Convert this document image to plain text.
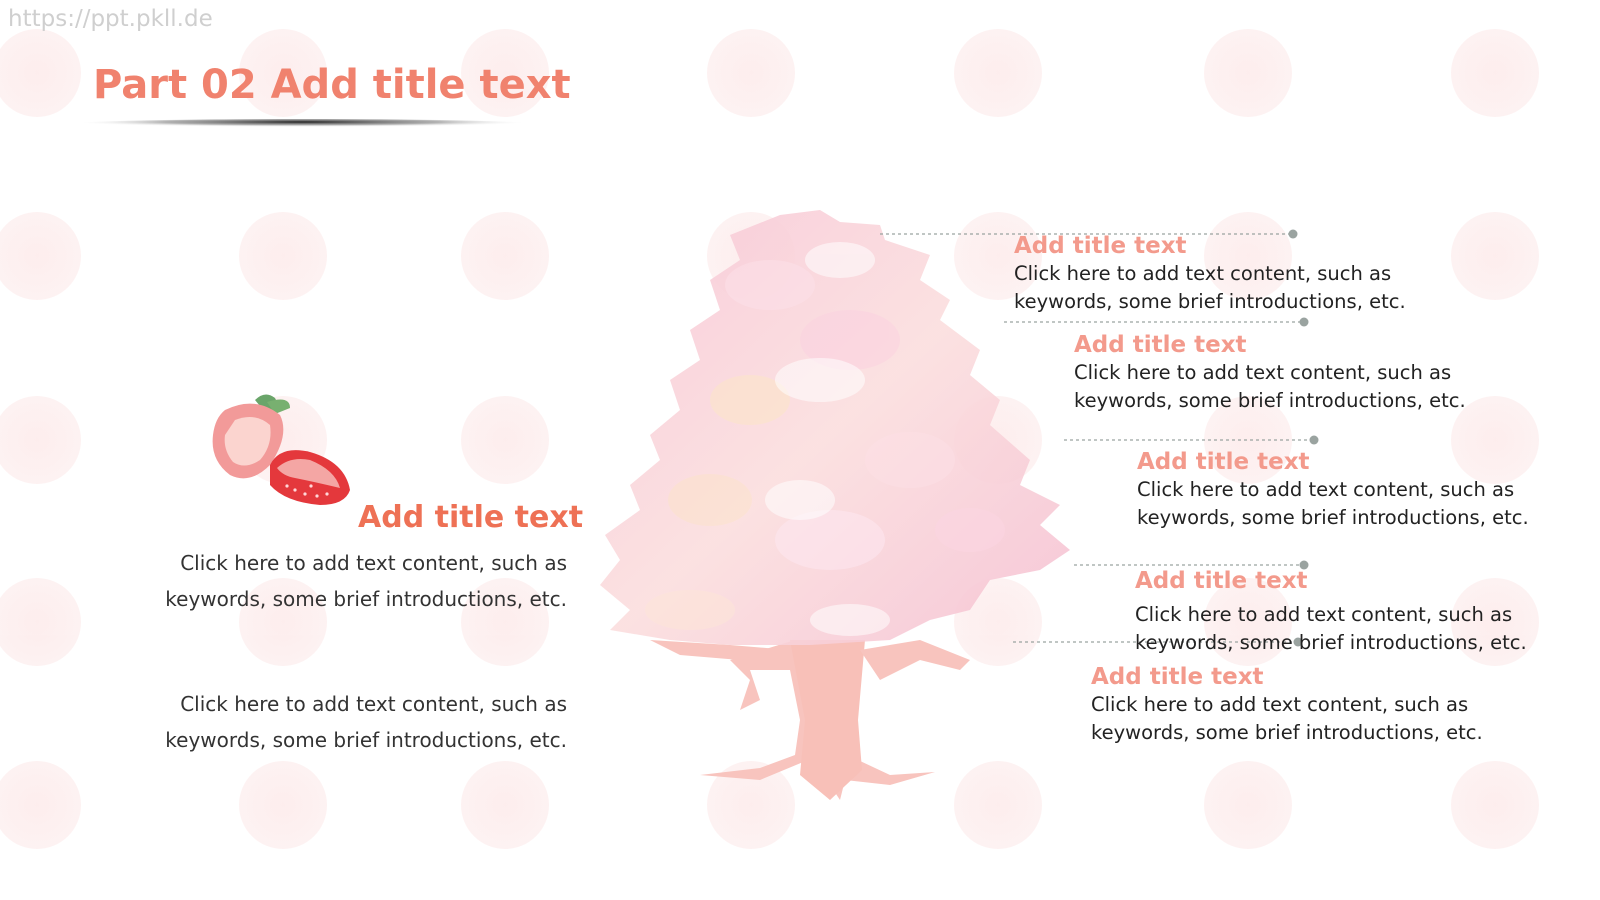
https://ppt.pkll.de
Part 02 Add title text
Add title text

Click here to add text content, such as
keywords, some brief introductions, etc.

Click here to add text content, such as
keywords, some brief introductions, etc.

Add title text
Click here to add text content, such as
keywords, some brief introductions, etc.
Add title text
Click here to add text content, such as
keywords, some brief introductions, etc.
Add title text
Click here to add text content, such as
keywords, some brief introductions, etc.
Add title text
Click here to add text content, such as
keywords, some brief introductions, etc.
Add title text
Click here to add text content, such as
keywords, some brief introductions, etc.
